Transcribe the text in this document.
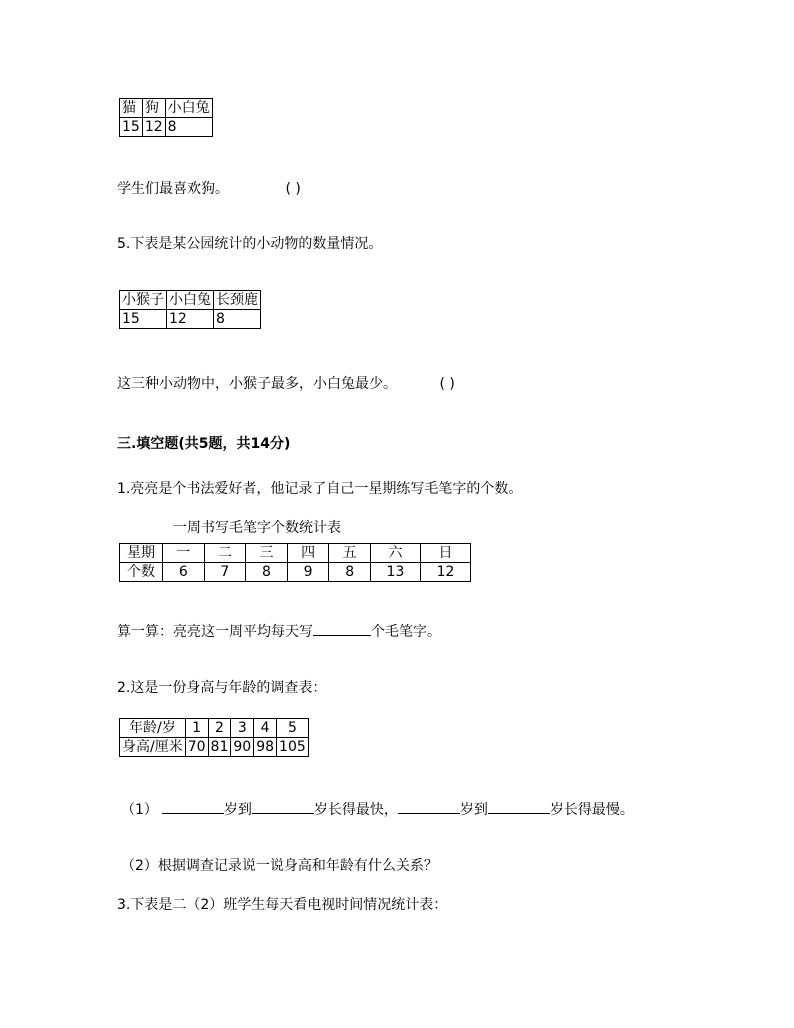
猫	狗	小白兔
15	12	8
学生们最喜欢狗。	( )
5.下表是某公园统计的小动物的数量情况。
小猴子	小白兔	长颈鹿
15	12	8
这三种小动物中，小猴子最多，小白兔最少。	( )
三.填空题(共5题，共14分)
1.亮亮是个书法爱好者，他记录了自己一星期练写毛笔字的个数。
一周书写毛笔字个数统计表
星期	一	二	三	四	五	六	日
个数	6	7	8	9	8	13	12
算一算：亮亮这一周平均每天写	个毛笔字。
2.这是一份身高与年龄的调查表：
年龄/岁	1	2	3	4	5
身高/厘米	70	81	90	98	105
（1）	岁到	岁长得最快，	岁到	岁长得最慢。
（2）根据调查记录说一说身高和年龄有什么关系？
3.下表是二（2）班学生每天看电视时间情况统计表：
